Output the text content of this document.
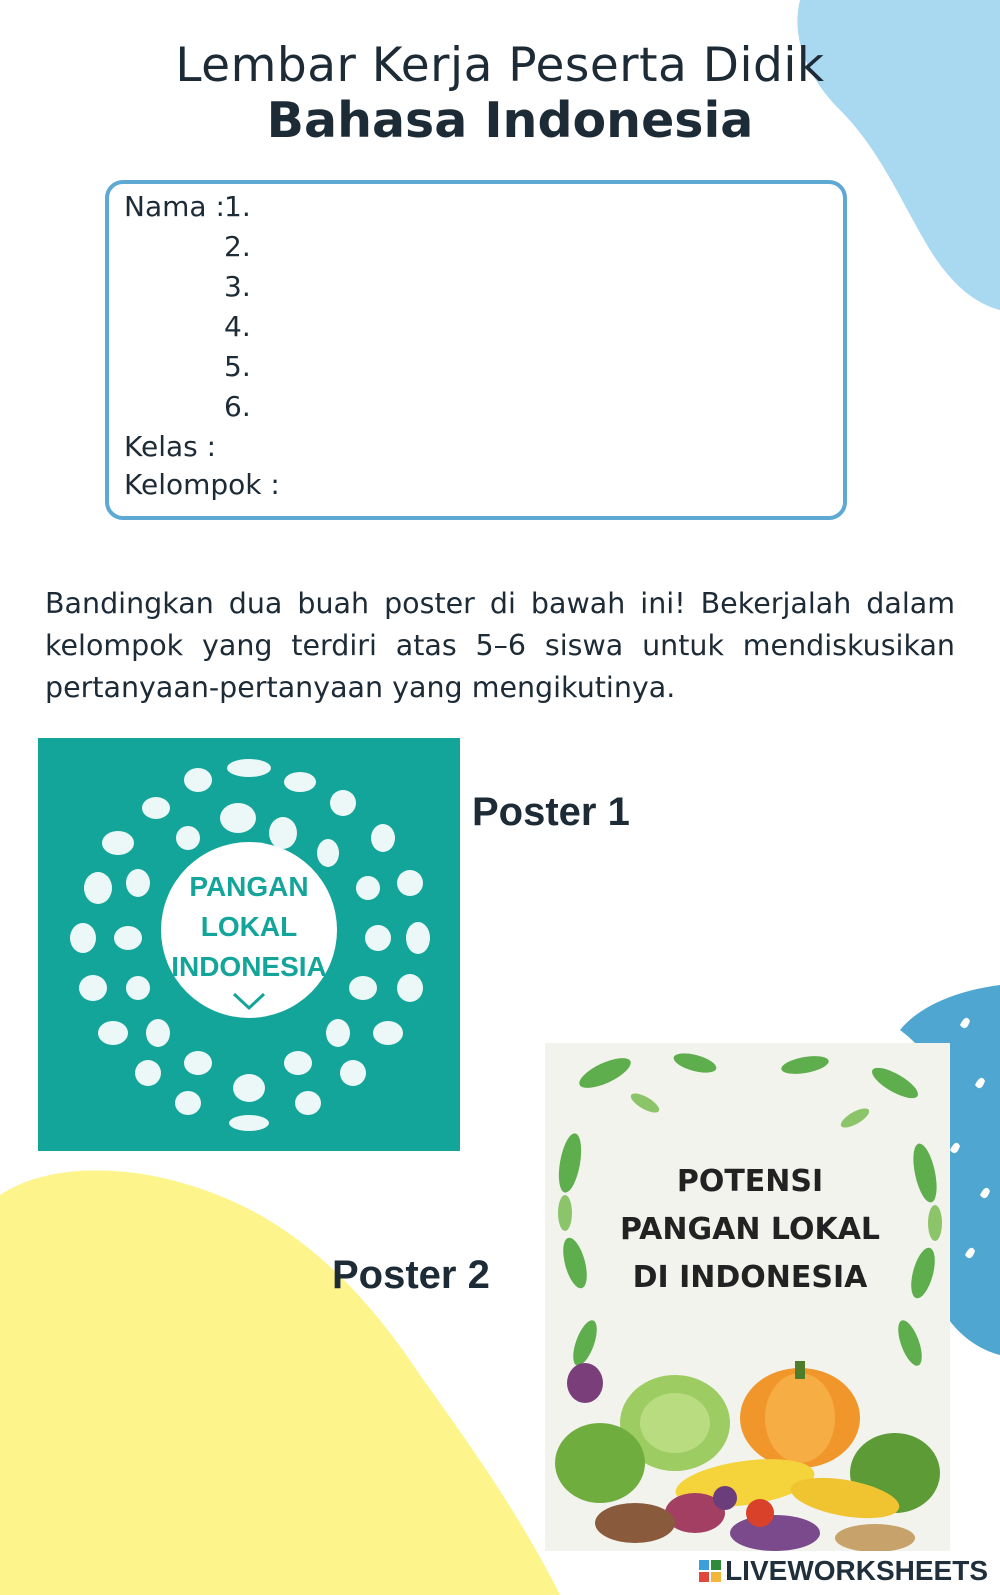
Lembar Kerja Peserta Didik
Bahasa Indonesia
Nama : 1.
2.
3.
4.
5.
6.
Kelas :
Kelompok :
Bandingkan dua buah poster di bawah ini! Bekerjalah dalam kelompok yang terdiri atas 5–6 siswa untuk mendiskusikan pertanyaan-pertanyaan yang mengikutinya.
PANGAN
LOKAL
INDONESIA
Poster 1
Poster 2
POTENSI
PANGAN LOKAL
DI INDONESIA
LIVEWORKSHEETS
